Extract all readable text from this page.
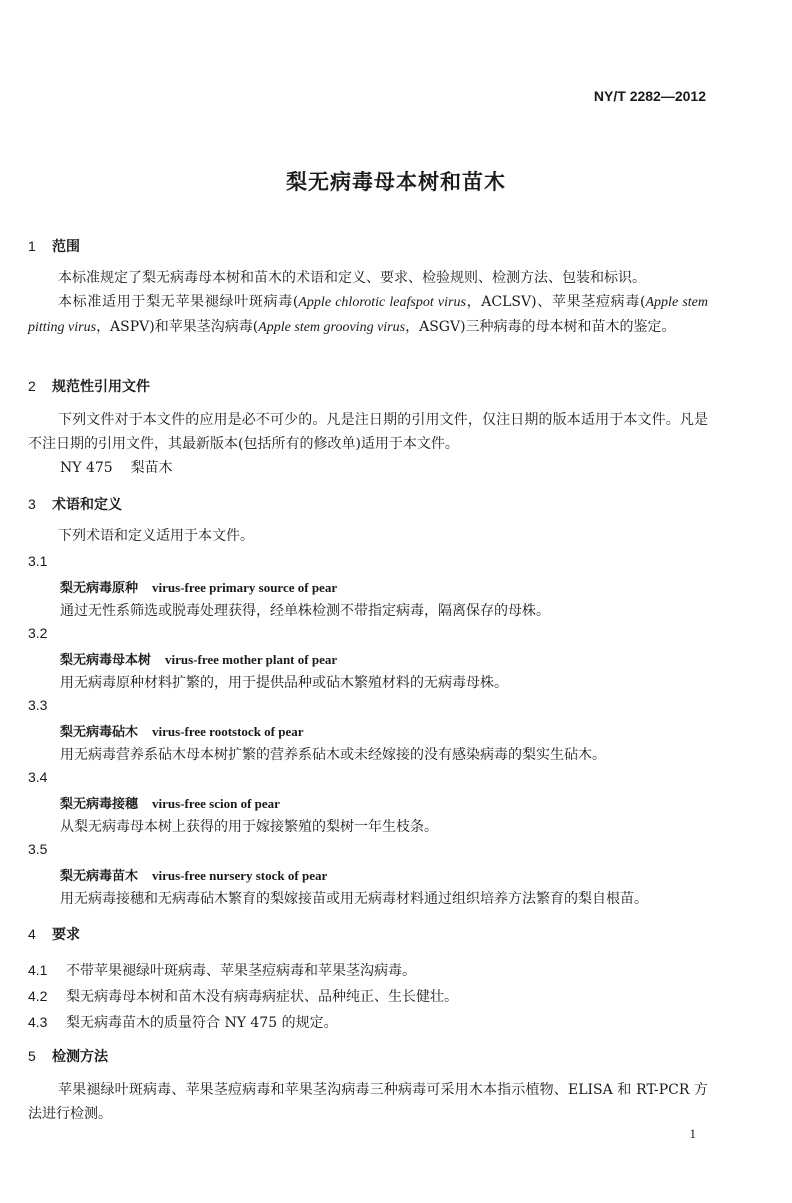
NY/T 2282—2012
梨无病毒母本树和苗木
1 范围
本标准规定了梨无病毒母本树和苗木的术语和定义、要求、检验规则、检测方法、包装和标识。
本标准适用于梨无苹果褪绿叶斑病毒(Apple chlorotic leafspot virus，ACLSV)、苹果茎痘病毒(Apple stem pitting virus，ASPV)和苹果茎沟病毒(Apple stem grooving virus，ASGV)三种病毒的母本树和苗木的鉴定。
2 规范性引用文件
下列文件对于本文件的应用是必不可少的。凡是注日期的引用文件，仅注日期的版本适用于本文件。凡是不注日期的引用文件，其最新版本(包括所有的修改单)适用于本文件。
NY 475 梨苗木
3 术语和定义
下列术语和定义适用于本文件。
3.1
梨无病毒原种 virus-free primary source of pear
通过无性系筛选或脱毒处理获得，经单株检测不带指定病毒，隔离保存的母株。
3.2
梨无病毒母本树 virus-free mother plant of pear
用无病毒原种材料扩繁的，用于提供品种或砧木繁殖材料的无病毒母株。
3.3
梨无病毒砧木 virus-free rootstock of pear
用无病毒营养系砧木母本树扩繁的营养系砧木或未经嫁接的没有感染病毒的梨实生砧木。
3.4
梨无病毒接穗 virus-free scion of pear
从梨无病毒母本树上获得的用于嫁接繁殖的梨树一年生枝条。
3.5
梨无病毒苗木 virus-free nursery stock of pear
用无病毒接穗和无病毒砧木繁育的梨嫁接苗或用无病毒材料通过组织培养方法繁育的梨自根苗。
4 要求
4.1 不带苹果褪绿叶斑病毒、苹果茎痘病毒和苹果茎沟病毒。
4.2 梨无病毒母本树和苗木没有病毒病症状、品种纯正、生长健壮。
4.3 梨无病毒苗木的质量符合 NY 475 的规定。
5 检测方法
苹果褪绿叶斑病毒、苹果茎痘病毒和苹果茎沟病毒三种病毒可采用木本指示植物、ELISA 和 RT-PCR 方法进行检测。
1
